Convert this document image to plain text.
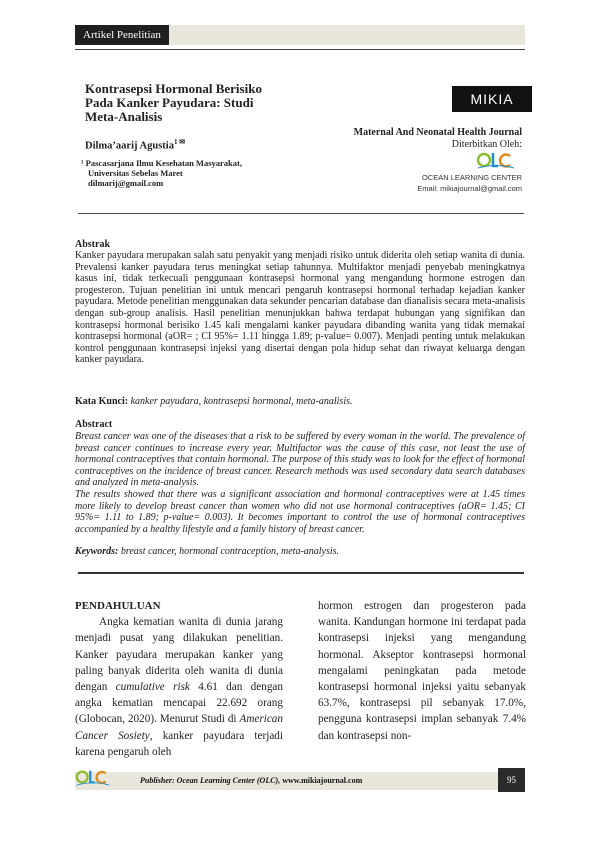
Artikel Penelitian
Kontrasepsi Hormonal Berisiko Pada Kanker Payudara: Studi Meta-Analisis
Dilma’aarij Agustia$^{1 ✉}$
¹ Pascasarjana Ilmu Kesehatan Masyarakat,
Universitas Sebelas Maret
dilmarij@gmail.com
MIKIA
Maternal And Neonatal Health Journal
Diterbitkan Oleh:
OCEAN LEARNING CENTER
Email: mikiajournal@gmail.com
Abstrak
Kanker payudara merupakan salah satu penyakit yang menjadi risiko untuk diderita oleh setiap wanita di dunia. Prevalensi kanker payudara terus meningkat setiap tahunnya. Multifaktor menjadi penyebab meningkatnya kasus ini, tidak terkecuali penggunaan kontrasepsi hormonal yang mengandung hormone estrogen dan progesteron. Tujuan penelitian ini untuk mencari pengaruh kontrasepsi hormonal terhadap kejadian kanker payudara. Metode penelitian menggunakan data sekunder pencarian database dan dianalisis secara meta-analisis dengan sub-group analisis. Hasil penelitian menunjukkan bahwa terdapat hubungan yang signifikan dan kontrasepsi hormonal berisiko 1.45 kali mengalami kanker payudara dibanding wanita yang tidak memakai kontrasepsi hormonal (aOR= ; CI 95%= 1.11 hingga 1.89; p-value= 0.007). Menjadi penting untuk melakukan kontrol penggunaan kontrasepsi injeksi yang disertai dengan pola hidup sehat dan riwayat keluarga dengan kanker payudara.
Kata Kunci: kanker payudara, kontrasepsi hormonal, meta-analisis.
Abstract

Breast cancer was one of the diseases that a risk to be suffered by every woman in the world. The prevalence of breast cancer continues to increase every year. Multifactor was the cause of this case, not least the use of hormonal contraceptives that contain hormonal. The purpose of this study was to look for the effect of hormonal contraceptives on the incidence of breast cancer. Research methods was used secondary data search databases and analyzed in meta-analysis.

The results showed that there was a significant association and hormonal contraceptives were at 1.45 times more likely to develop breast cancer than women who did not use hormonal contraceptives (aOR= 1.45; CI 95%= 1.11 to 1.89; p-value= 0.003). It becomes important to control the use of hormonal contraceptives accompanied by a healthy lifestyle and a family history of breast cancer.

Keywords: breast cancer, hormonal contraception, meta-analysis.
PENDAHULUAN

Angka kematian wanita di dunia jarang menjadi pusat yang dilakukan penelitian. Kanker payudara merupakan kanker yang paling banyak diderita oleh wanita di dunia dengan cumulative risk 4.61 dan dengan angka kematian mencapai 22.692 orang (Globocan, 2020). Menurut Studi di American Cancer Sosiety, kanker payudara terjadi karena pengaruh oleh

hormon estrogen dan progesteron pada wanita. Kandungan hormone ini terdapat pada kontrasepsi injeksi yang mengandung hormonal. Akseptor kontrasepsi hormonal mengalami peningkatan pada metode kontrasepsi hormonal injeksi yaitu sebanyak 63.7%, kontrasepsi pil sebanyak 17.0%, pengguna kontrasepsi implan sebanyak 7.4% dan kontrasepsi non-

Publisher: Ocean Learning Center (OLC), www.mikiajournal.com	95
